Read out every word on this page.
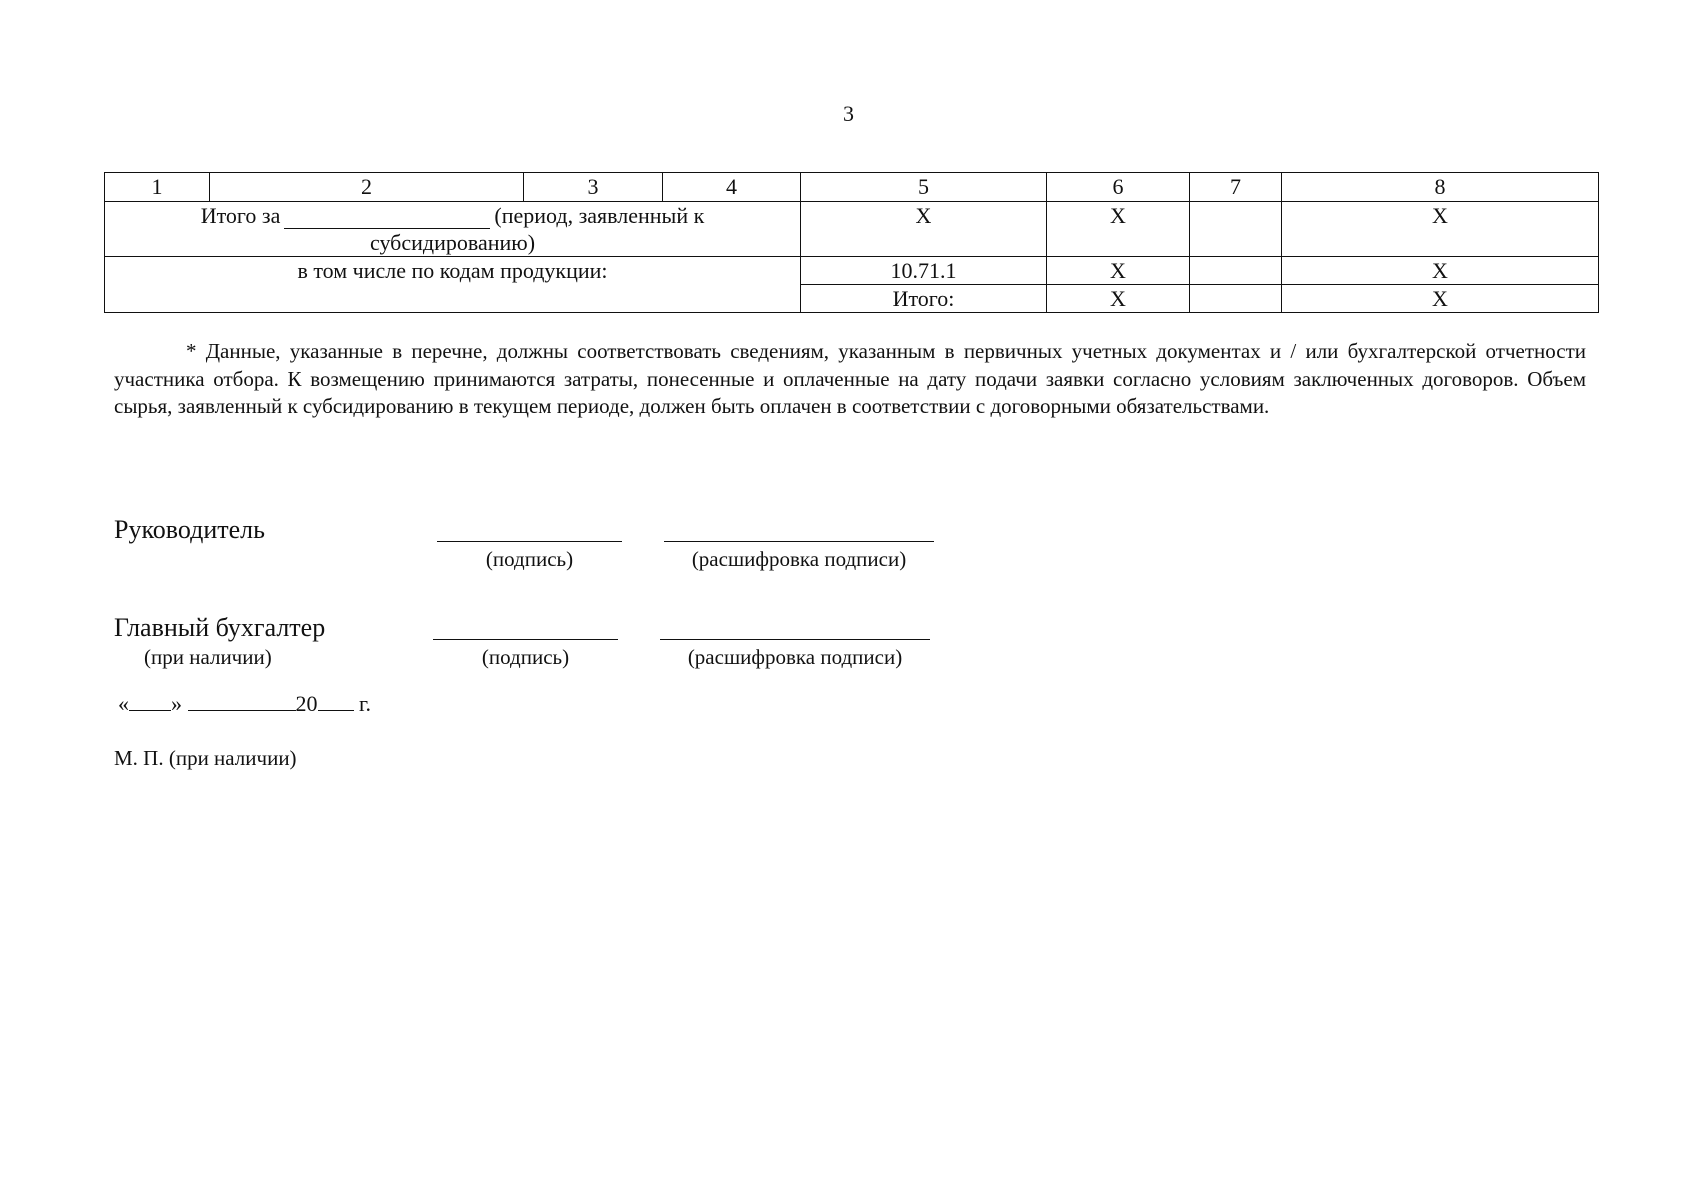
3
1	2	3	4	5	6	7	8
Итого за (период, заявленный к
субсидированию)				Х	Х		Х
в том числе по кодам продукции:				10.71.1	Х		Х
				Итого:	Х		Х

* Данные, указанные в перечне, должны соответствовать сведениям, указанным в первичных учетных документах и / или бухгалтерской отчетности участника отбора. К возмещению принимаются затраты, понесенные и оплаченные на дату подачи заявки согласно условиям заключенных договоров. Объем сырья, заявленный к субсидированию в текущем периоде, должен быть оплачен в соответствии с договорными обязательствами.

Руководитель
(подпись)	(расшифровка подписи)
Главный бухгалтер
(при наличии)	(подпись)	(расшифровка подписи)
« »	20 г.
М. П. (при наличии)
